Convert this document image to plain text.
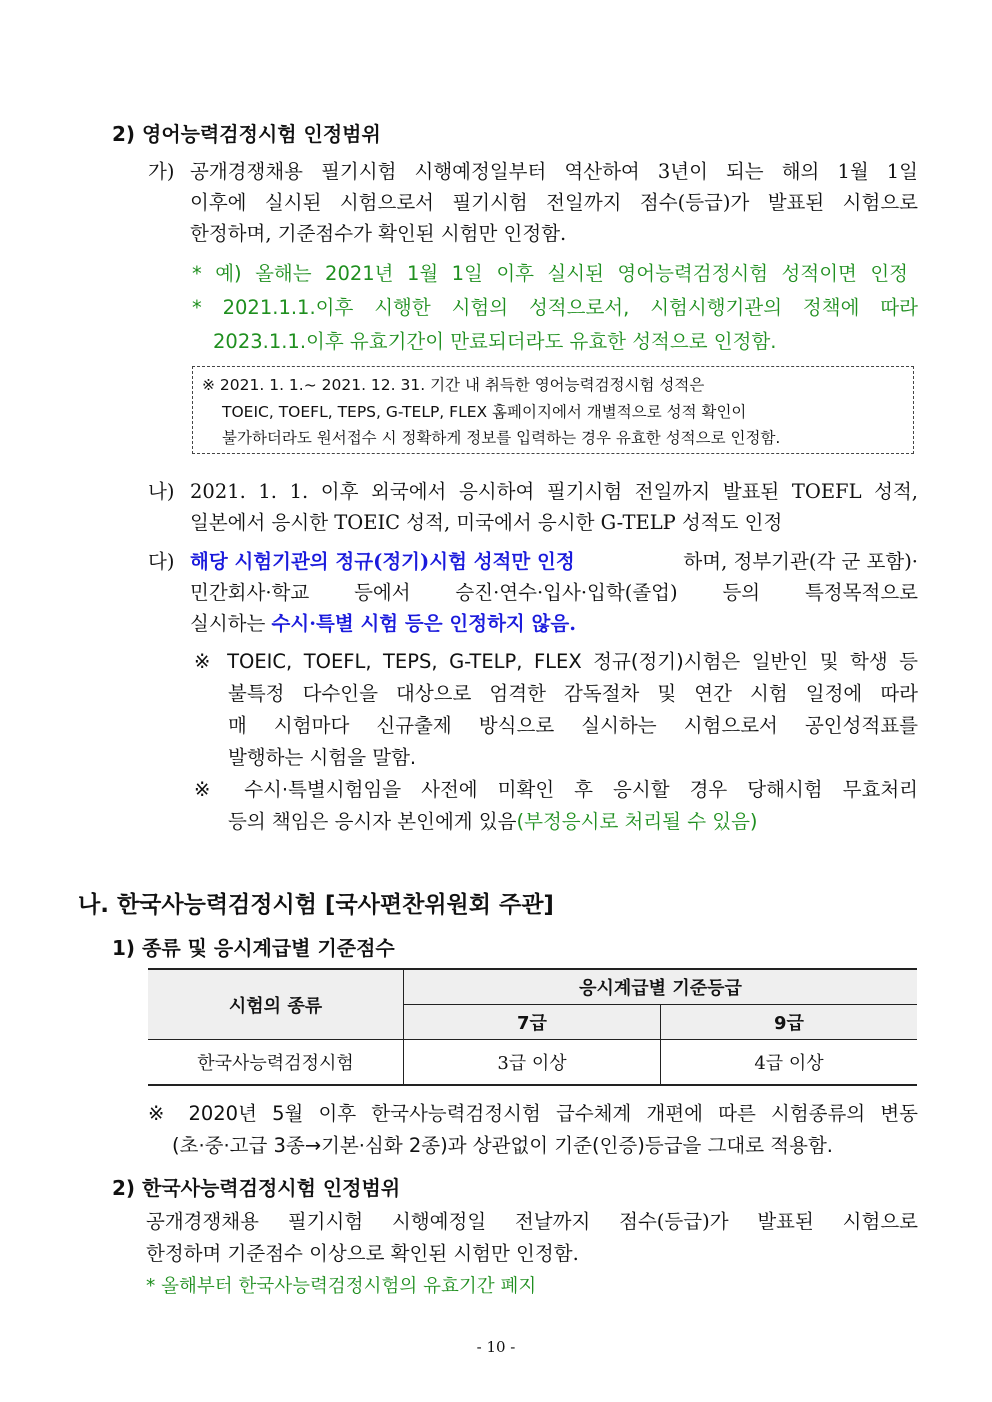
2) 영어능력검정시험 인정범위
가) 공개경쟁채용 필기시험 시행예정일부터 역산하여 3년이 되는 해의 1월 1일
이후에 실시된 시험으로서 필기시험 전일까지 점수(등급)가 발표된 시험으로
한정하며, 기준점수가 확인된 시험만 인정함.
* 예) 올해는 2021년 1월 1일 이후 실시된 영어능력검정시험 성적이면 인정
* 2021.1.1.이후 시행한 시험의 성적으로서, 시험시행기관의 정책에 따라
2023.1.1.이후 유효기간이 만료되더라도 유효한 성적으로 인정함.
※ 2021. 1. 1.~ 2021. 12. 31. 기간 내 취득한 영어능력검정시험 성적은
TOEIC, TOEFL, TEPS, G-TELP, FLEX 홈페이지에서 개별적으로 성적 확인이
불가하더라도 원서접수 시 정확하게 정보를 입력하는 경우 유효한 성적으로 인정함.
나) 2021. 1. 1. 이후 외국에서 응시하여 필기시험 전일까지 발표된 TOEFL 성적,
일본에서 응시한 TOEIC 성적, 미국에서 응시한 G-TELP 성적도 인정
다) 해당 시험기관의 정규(정기)시험 성적만 인정	하며, 정부기관(각 군 포함)·
민간회사·학교 등에서 승진·연수·입사·입학(졸업) 등의 특정목적으로
실시하는 수시·특별 시험 등은 인정하지 않음.
※ TOEIC, TOEFL, TEPS, G-TELP, FLEX 정규(정기)시험은 일반인 및 학생 등
불특정 다수인을 대상으로 엄격한 감독절차 및 연간 시험 일정에 따라
매 시험마다 신규출제 방식으로 실시하는 시험으로서 공인성적표를
발행하는 시험을 말함.
※ 수시·특별시험임을 사전에 미확인 후 응시할 경우 당해시험 무효처리
등의 책임은 응시자 본인에게 있음(부정응시로 처리될 수 있음)
나. 한국사능력검정시험 [국사편찬위원회 주관]
1) 종류 및 응시계급별 기준점수
시험의 종류	응시계급별 기준등급	
	7급	9급
한국사능력검정시험	3급 이상	4급 이상
※ 2020년 5월 이후 한국사능력검정시험 급수체계 개편에 따른 시험종류의 변동
(초·중·고급 3종→기본·심화 2종)과 상관없이 기준(인증)등급을 그대로 적용함.
2) 한국사능력검정시험 인정범위
공개경쟁채용 필기시험 시행예정일 전날까지 점수(등급)가 발표된 시험으로
한정하며 기준점수 이상으로 확인된 시험만 인정함.
* 올해부터 한국사능력검정시험의 유효기간 폐지
- 10 -
